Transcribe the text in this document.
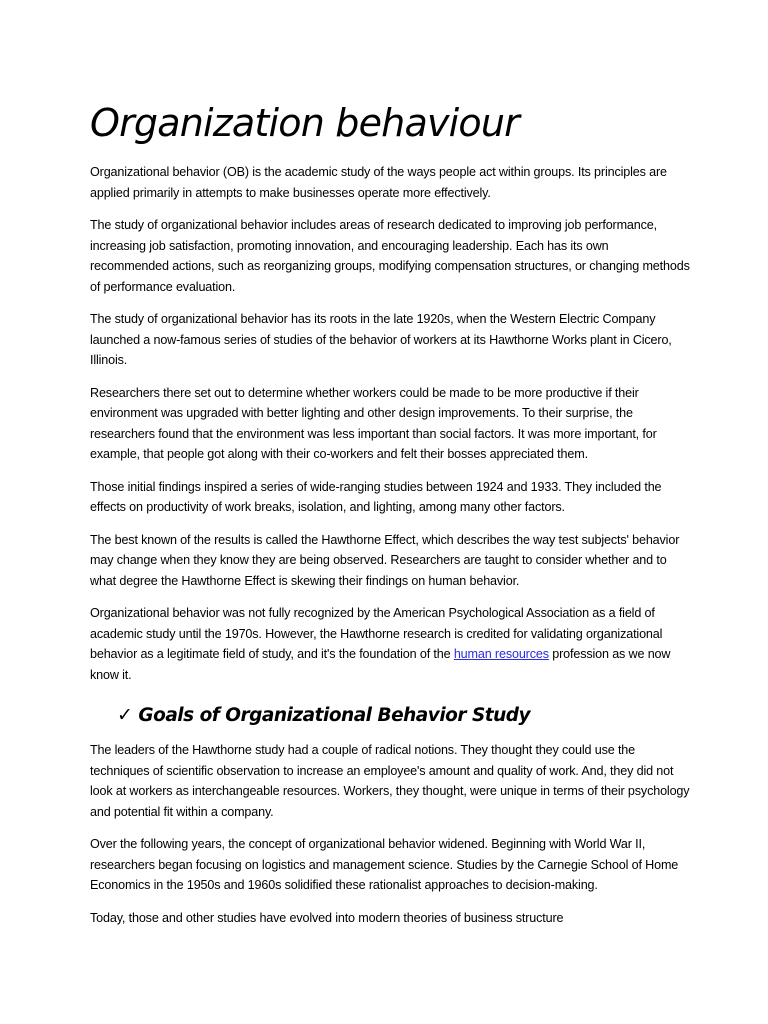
Organization behaviour

Organizational behavior (OB) is the academic study of the ways people act within groups. Its principles are applied primarily in attempts to make businesses operate more effectively.

The study of organizational behavior includes areas of research dedicated to improving job performance, increasing job satisfaction, promoting innovation, and encouraging leadership. Each has its own recommended actions, such as reorganizing groups, modifying compensation structures, or changing methods of performance evaluation.

The study of organizational behavior has its roots in the late 1920s, when the Western Electric Company launched a now-famous series of studies of the behavior of workers at its Hawthorne Works plant in Cicero, Illinois.

Researchers there set out to determine whether workers could be made to be more productive if their environment was upgraded with better lighting and other design improvements. To their surprise, the researchers found that the environment was less important than social factors. It was more important, for example, that people got along with their co-workers and felt their bosses appreciated them.

Those initial findings inspired a series of wide-ranging studies between 1924 and 1933. They included the effects on productivity of work breaks, isolation, and lighting, among many other factors.

The best known of the results is called the Hawthorne Effect, which describes the way test subjects' behavior may change when they know they are being observed. Researchers are taught to consider whether and to what degree the Hawthorne Effect is skewing their findings on human behavior.

Organizational behavior was not fully recognized by the American Psychological Association as a field of academic study until the 1970s. However, the Hawthorne research is credited for validating organizational behavior as a legitimate field of study, and it's the foundation of the human resources profession as we now know it.

✓ Goals of Organizational Behavior Study

The leaders of the Hawthorne study had a couple of radical notions. They thought they could use the techniques of scientific observation to increase an employee's amount and quality of work. And, they did not look at workers as interchangeable resources. Workers, they thought, were unique in terms of their psychology and potential fit within a company.

Over the following years, the concept of organizational behavior widened. Beginning with World War II, researchers began focusing on logistics and management science. Studies by the Carnegie School of Home Economics in the 1950s and 1960s solidified these rationalist approaches to decision-making.

Today, those and other studies have evolved into modern theories of business structure
